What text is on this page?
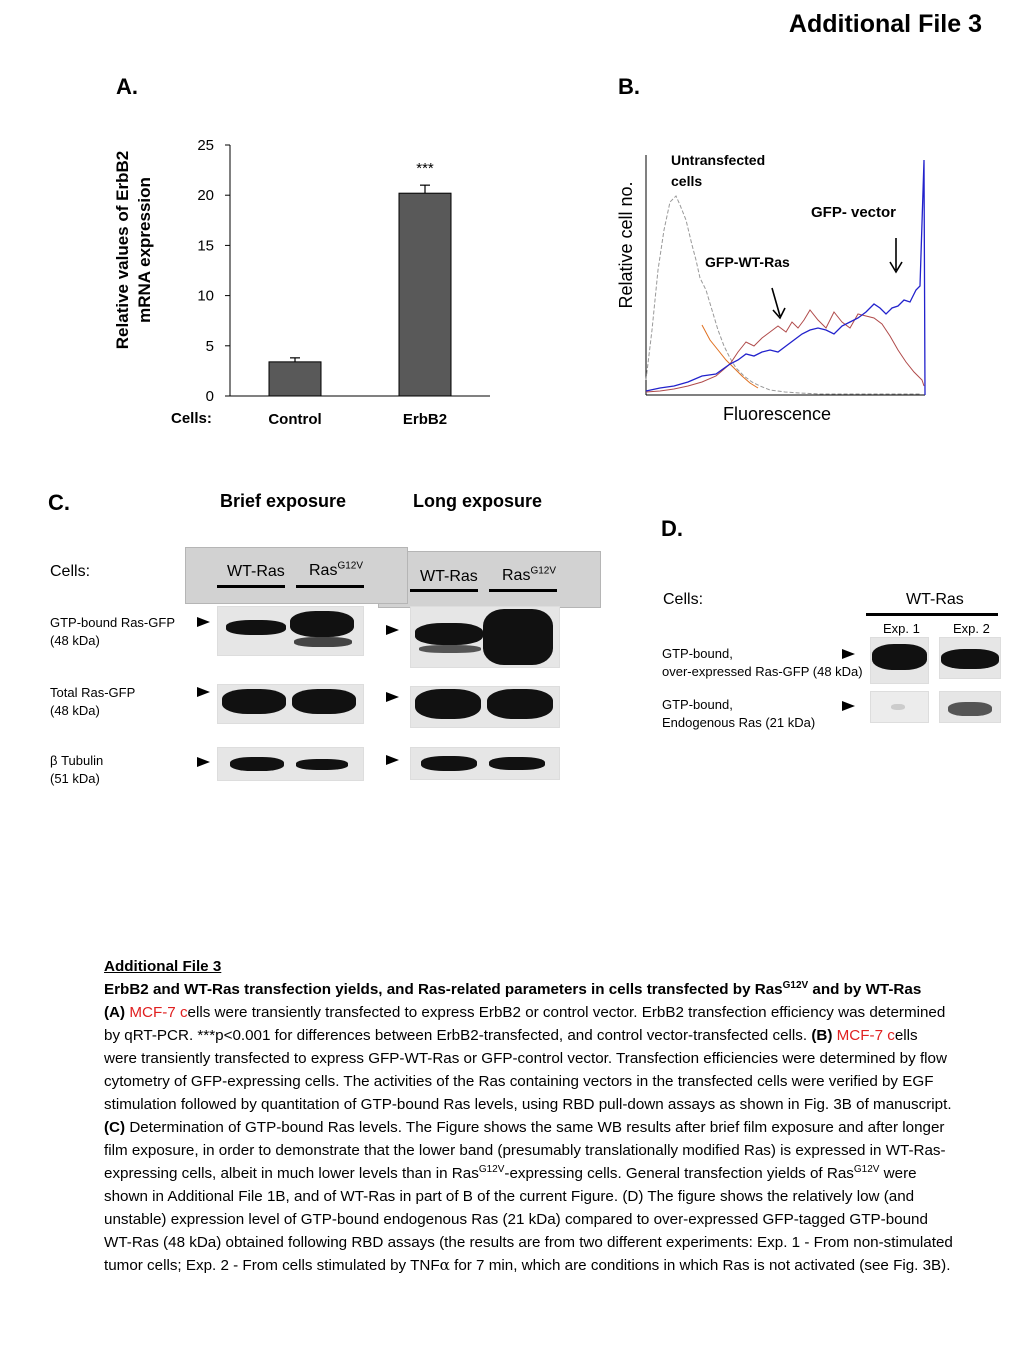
Additional File 3
A.
Relative values of ErbB2 mRNA expression
0
5
10
15
20
25
Control	ErbB2
***
Cells:
B.
Relative cell no.
Untransfected
cells
GFP- vector
GFP-WT-Ras
Fluorescence
C.	Brief exposure	Long exposure
Cells:	WT-Ras Ras$^{G12V}$
WT-Ras Ras$^{G12V}$
GTP-bound Ras-GFP
(48 kDa)
Total Ras-GFP
(48 kDa)
β Tubulin
(51 kDa)
D.
Cells:	WT-Ras
Exp. 1	Exp. 2
GTP-bound,
over-expressed Ras-GFP (48 kDa)
GTP-bound,
Endogenous Ras (21 kDa)

Additional File 3

ErbB2 and WT-Ras transfection yields, and Ras-related parameters in cells transfected by Ras$^{G12V}$ and by WT-Ras

(A) MCF-7 cells were transiently transfected to express ErbB2 or control vector. ErbB2 transfection efficiency was determined by qRT-PCR. ***p<0.001 for differences between ErbB2-transfected, and control vector-transfected cells. (B) MCF-7 cells were transiently transfected to express GFP-WT-Ras or GFP-control vector. Transfection efficiencies were determined by flow cytometry of GFP-expressing cells. The activities of the Ras containing vectors in the transfected cells were verified by EGF stimulation followed by quantitation of GTP-bound Ras levels, using RBD pull-down assays as shown in Fig. 3B of manuscript. (C) Determination of GTP-bound Ras levels. The Figure shows the same WB results after brief film exposure and after longer film exposure, in order to demonstrate that the lower band (presumably translationally modified Ras) is expressed in WT-Ras-expressing cells, albeit in much lower levels than in Ras$^{G12V}$-expressing cells. General transfection yields of Ras$^{G12V}$ were shown in Additional File 1B, and of WT-Ras in part of B of the current Figure. (D) The figure shows the relatively low (and unstable) expression level of GTP-bound endogenous Ras (21 kDa) compared to over-expressed GFP-tagged GTP-bound WT-Ras (48 kDa) obtained following RBD assays (the results are from two different experiments: Exp. 1 - From non-stimulated tumor cells; Exp. 2 - From cells stimulated by TNFα for 7 min, which are conditions in which Ras is not activated (see Fig. 3B).
